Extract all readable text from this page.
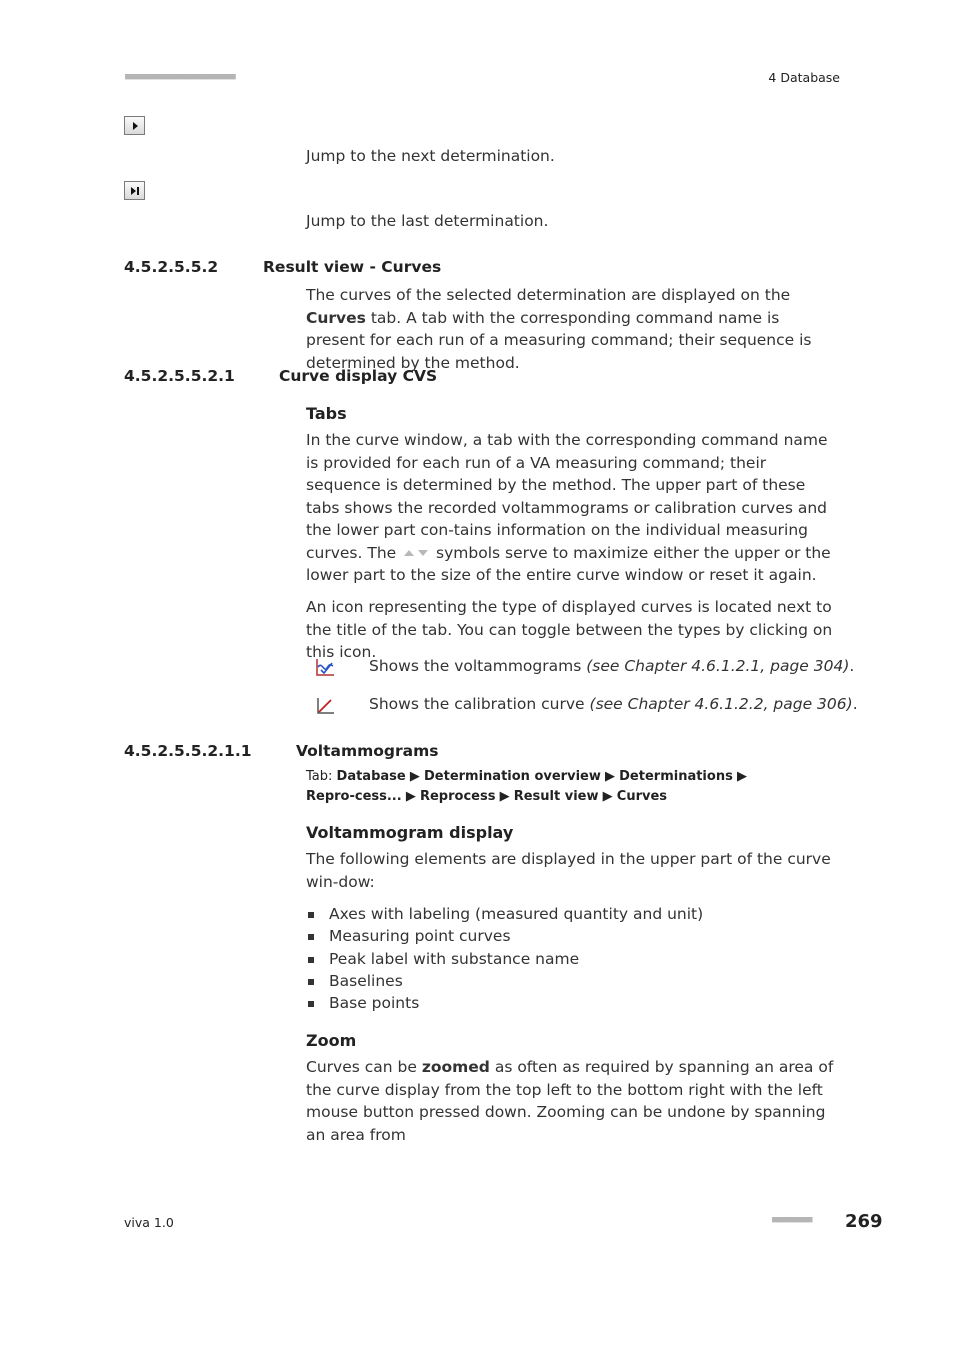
■■■■■■■■■■■■■■■■■■■■■■	4 Database
Jump to the next determination.
Jump to the last determination.
4.5.2.5.5.2	Result view - Curves
The curves of the selected determination are displayed on the Curves tab. A tab with the corresponding command name is present for each run of a measuring command; their sequence is determined by the method.
4.5.2.5.5.2.1	Curve display CVS
Tabs
In the curve window, a tab with the corresponding command name is provided for each run of a VA measuring command; their sequence is determined by the method. The upper part of these tabs shows the recorded voltammograms or calibration curves and the lower part con-tains information on the individual measuring curves. The  symbols serve to maximize either the upper or the lower part to the size of the entire curve window or reset it again.
An icon representing the type of displayed curves is located next to the title of the tab. You can toggle between the types by clicking on this icon.
Shows the voltammograms (see Chapter 4.6.1.2.1, page 304).
Shows the calibration curve (see Chapter 4.6.1.2.2, page 306).
4.5.2.5.5.2.1.1	Voltammograms
Tab: Database ▶ Determination overview ▶ Determinations ▶ Repro-cess... ▶ Reprocess ▶ Result view ▶ Curves
Voltammogram display
The following elements are displayed in the upper part of the curve win-dow:
Axes with labeling (measured quantity and unit)
Measuring point curves
Peak label with substance name
Baselines
Base points
Zoom
Curves can be zoomed as often as required by spanning an area of the curve display from the top left to the bottom right with the left mouse button pressed down. Zooming can be undone by spanning an area from
viva 1.0	■■■■■■■■ 269
